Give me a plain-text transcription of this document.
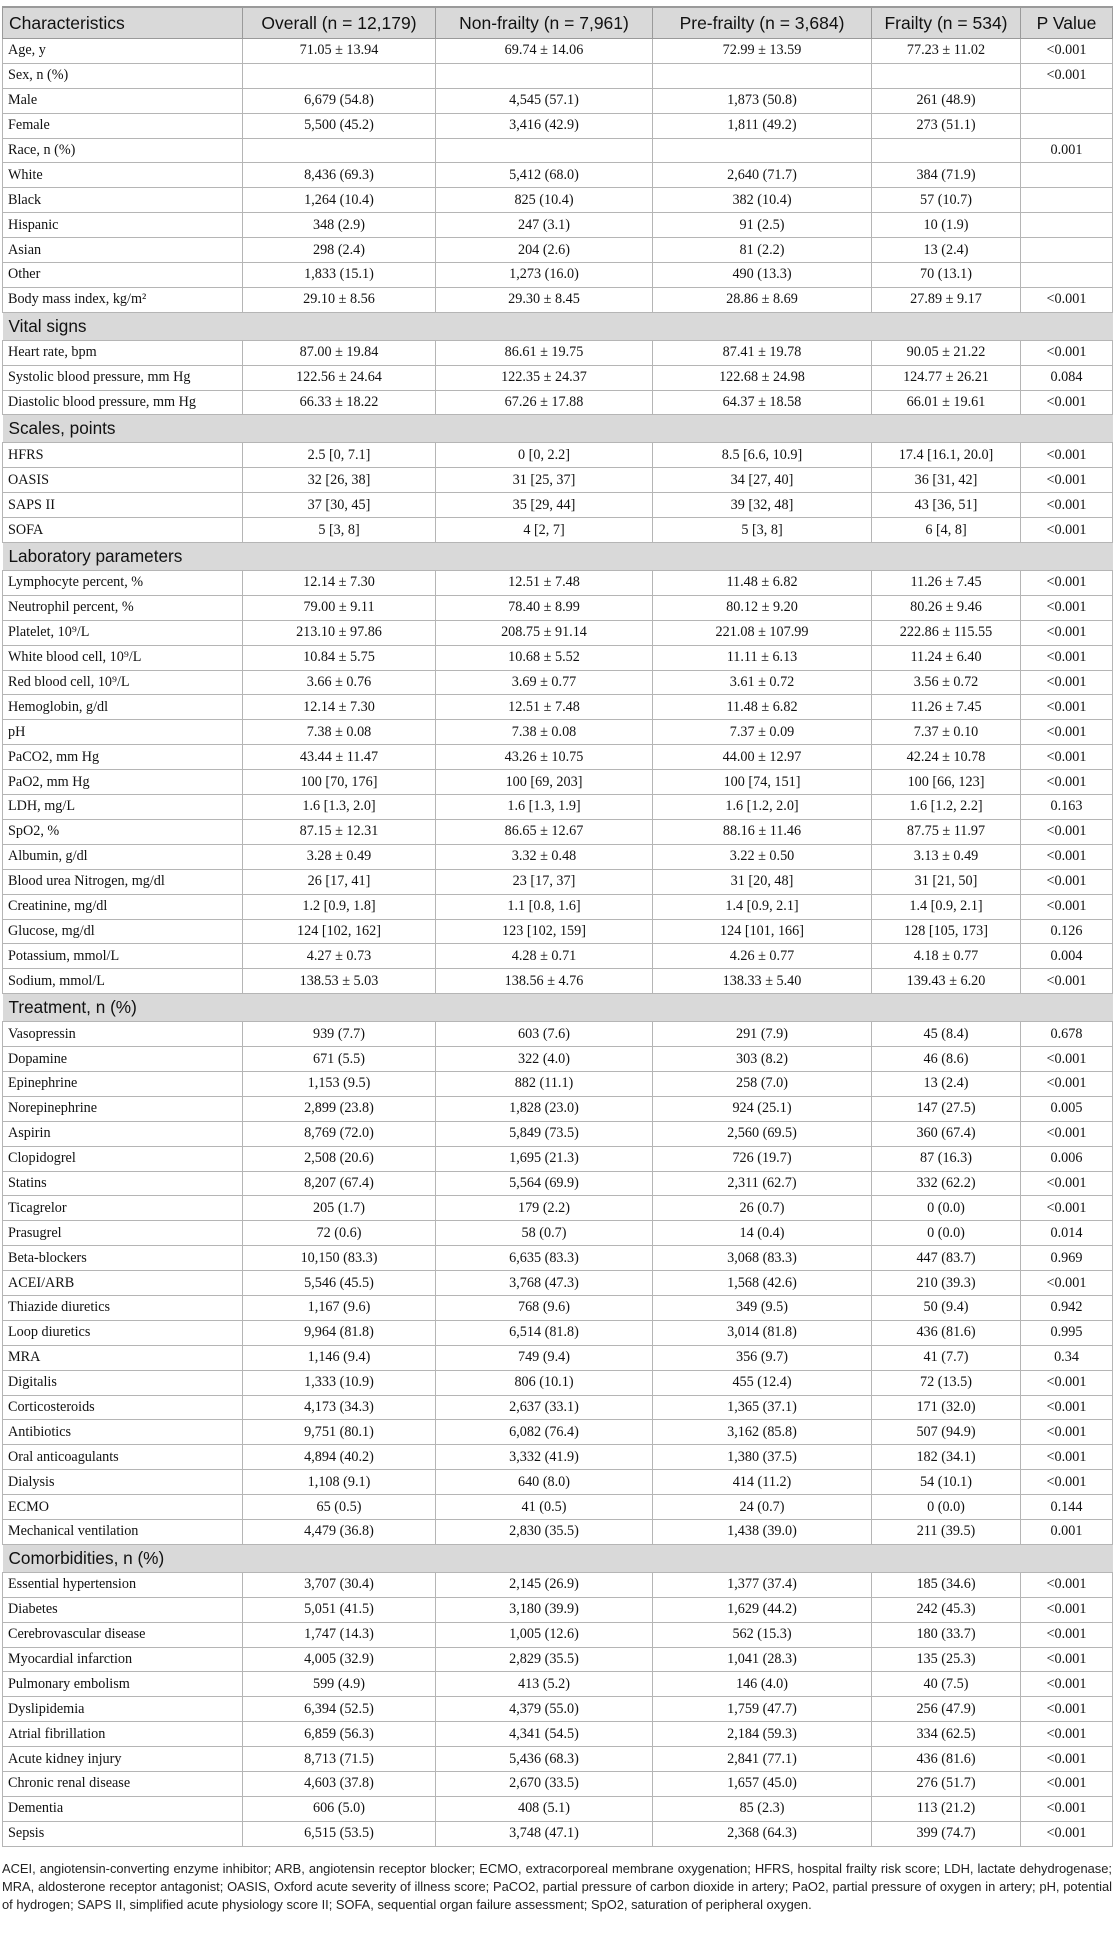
Characteristics	Overall (n = 12,179)	Non-frailty (n = 7,961)	Pre-frailty (n = 3,684)	Frailty (n = 534)	P Value
Age, y	71.05 ± 13.94	69.74 ± 14.06	72.99 ± 13.59	77.23 ± 11.02	<0.001
Sex, n (%)					<0.001
Male	6,679 (54.8)	4,545 (57.1)	1,873 (50.8)	261 (48.9)	
Female	5,500 (45.2)	3,416 (42.9)	1,811 (49.2)	273 (51.1)	
Race, n (%)					0.001
White	8,436 (69.3)	5,412 (68.0)	2,640 (71.7)	384 (71.9)	
Black	1,264 (10.4)	825 (10.4)	382 (10.4)	57 (10.7)	
Hispanic	348 (2.9)	247 (3.1)	91 (2.5)	10 (1.9)	
Asian	298 (2.4)	204 (2.6)	81 (2.2)	13 (2.4)	
Other	1,833 (15.1)	1,273 (16.0)	490 (13.3)	70 (13.1)	
Body mass index, kg/m²	29.10 ± 8.56	29.30 ± 8.45	28.86 ± 8.69	27.89 ± 9.17	<0.001
Vital signs					
Heart rate, bpm	87.00 ± 19.84	86.61 ± 19.75	87.41 ± 19.78	90.05 ± 21.22	<0.001
Systolic blood pressure, mm Hg	122.56 ± 24.64	122.35 ± 24.37	122.68 ± 24.98	124.77 ± 26.21	0.084
Diastolic blood pressure, mm Hg	66.33 ± 18.22	67.26 ± 17.88	64.37 ± 18.58	66.01 ± 19.61	<0.001
Scales, points					
HFRS	2.5 [0, 7.1]	0 [0, 2.2]	8.5 [6.6, 10.9]	17.4 [16.1, 20.0]	<0.001
OASIS	32 [26, 38]	31 [25, 37]	34 [27, 40]	36 [31, 42]	<0.001
SAPS II	37 [30, 45]	35 [29, 44]	39 [32, 48]	43 [36, 51]	<0.001
SOFA	5 [3, 8]	4 [2, 7]	5 [3, 8]	6 [4, 8]	<0.001
Laboratory parameters					
Lymphocyte percent, %	12.14 ± 7.30	12.51 ± 7.48	11.48 ± 6.82	11.26 ± 7.45	<0.001
Neutrophil percent, %	79.00 ± 9.11	78.40 ± 8.99	80.12 ± 9.20	80.26 ± 9.46	<0.001
Platelet, 10⁹/L	213.10 ± 97.86	208.75 ± 91.14	221.08 ± 107.99	222.86 ± 115.55	<0.001
White blood cell, 10⁹/L	10.84 ± 5.75	10.68 ± 5.52	11.11 ± 6.13	11.24 ± 6.40	<0.001
Red blood cell, 10⁹/L	3.66 ± 0.76	3.69 ± 0.77	3.61 ± 0.72	3.56 ± 0.72	<0.001
Hemoglobin, g/dl	12.14 ± 7.30	12.51 ± 7.48	11.48 ± 6.82	11.26 ± 7.45	<0.001
pH	7.38 ± 0.08	7.38 ± 0.08	7.37 ± 0.09	7.37 ± 0.10	<0.001
PaCO2, mm Hg	43.44 ± 11.47	43.26 ± 10.75	44.00 ± 12.97	42.24 ± 10.78	<0.001
PaO2, mm Hg	100 [70, 176]	100 [69, 203]	100 [74, 151]	100 [66, 123]	<0.001
LDH, mg/L	1.6 [1.3, 2.0]	1.6 [1.3, 1.9]	1.6 [1.2, 2.0]	1.6 [1.2, 2.2]	0.163
SpO2, %	87.15 ± 12.31	86.65 ± 12.67	88.16 ± 11.46	87.75 ± 11.97	<0.001
Albumin, g/dl	3.28 ± 0.49	3.32 ± 0.48	3.22 ± 0.50	3.13 ± 0.49	<0.001
Blood urea Nitrogen, mg/dl	26 [17, 41]	23 [17, 37]	31 [20, 48]	31 [21, 50]	<0.001
Creatinine, mg/dl	1.2 [0.9, 1.8]	1.1 [0.8, 1.6]	1.4 [0.9, 2.1]	1.4 [0.9, 2.1]	<0.001
Glucose, mg/dl	124 [102, 162]	123 [102, 159]	124 [101, 166]	128 [105, 173]	0.126
Potassium, mmol/L	4.27 ± 0.73	4.28 ± 0.71	4.26 ± 0.77	4.18 ± 0.77	0.004
Sodium, mmol/L	138.53 ± 5.03	138.56 ± 4.76	138.33 ± 5.40	139.43 ± 6.20	<0.001
Treatment, n (%)					
Vasopressin	939 (7.7)	603 (7.6)	291 (7.9)	45 (8.4)	0.678
Dopamine	671 (5.5)	322 (4.0)	303 (8.2)	46 (8.6)	<0.001
Epinephrine	1,153 (9.5)	882 (11.1)	258 (7.0)	13 (2.4)	<0.001
Norepinephrine	2,899 (23.8)	1,828 (23.0)	924 (25.1)	147 (27.5)	0.005
Aspirin	8,769 (72.0)	5,849 (73.5)	2,560 (69.5)	360 (67.4)	<0.001
Clopidogrel	2,508 (20.6)	1,695 (21.3)	726 (19.7)	87 (16.3)	0.006
Statins	8,207 (67.4)	5,564 (69.9)	2,311 (62.7)	332 (62.2)	<0.001
Ticagrelor	205 (1.7)	179 (2.2)	26 (0.7)	0 (0.0)	<0.001
Prasugrel	72 (0.6)	58 (0.7)	14 (0.4)	0 (0.0)	0.014
Beta-blockers	10,150 (83.3)	6,635 (83.3)	3,068 (83.3)	447 (83.7)	0.969
ACEI/ARB	5,546 (45.5)	3,768 (47.3)	1,568 (42.6)	210 (39.3)	<0.001
Thiazide diuretics	1,167 (9.6)	768 (9.6)	349 (9.5)	50 (9.4)	0.942
Loop diuretics	9,964 (81.8)	6,514 (81.8)	3,014 (81.8)	436 (81.6)	0.995
MRA	1,146 (9.4)	749 (9.4)	356 (9.7)	41 (7.7)	0.34
Digitalis	1,333 (10.9)	806 (10.1)	455 (12.4)	72 (13.5)	<0.001
Corticosteroids	4,173 (34.3)	2,637 (33.1)	1,365 (37.1)	171 (32.0)	<0.001
Antibiotics	9,751 (80.1)	6,082 (76.4)	3,162 (85.8)	507 (94.9)	<0.001
Oral anticoagulants	4,894 (40.2)	3,332 (41.9)	1,380 (37.5)	182 (34.1)	<0.001
Dialysis	1,108 (9.1)	640 (8.0)	414 (11.2)	54 (10.1)	<0.001
ECMO	65 (0.5)	41 (0.5)	24 (0.7)	0 (0.0)	0.144
Mechanical ventilation	4,479 (36.8)	2,830 (35.5)	1,438 (39.0)	211 (39.5)	0.001
Comorbidities, n (%)					
Essential hypertension	3,707 (30.4)	2,145 (26.9)	1,377 (37.4)	185 (34.6)	<0.001
Diabetes	5,051 (41.5)	3,180 (39.9)	1,629 (44.2)	242 (45.3)	<0.001
Cerebrovascular disease	1,747 (14.3)	1,005 (12.6)	562 (15.3)	180 (33.7)	<0.001
Myocardial infarction	4,005 (32.9)	2,829 (35.5)	1,041 (28.3)	135 (25.3)	<0.001
Pulmonary embolism	599 (4.9)	413 (5.2)	146 (4.0)	40 (7.5)	<0.001
Dyslipidemia	6,394 (52.5)	4,379 (55.0)	1,759 (47.7)	256 (47.9)	<0.001
Atrial fibrillation	6,859 (56.3)	4,341 (54.5)	2,184 (59.3)	334 (62.5)	<0.001
Acute kidney injury	8,713 (71.5)	5,436 (68.3)	2,841 (77.1)	436 (81.6)	<0.001
Chronic renal disease	4,603 (37.8)	2,670 (33.5)	1,657 (45.0)	276 (51.7)	<0.001
Dementia	606 (5.0)	408 (5.1)	85 (2.3)	113 (21.2)	<0.001
Sepsis	6,515 (53.5)	3,748 (47.1)	2,368 (64.3)	399 (74.7)	<0.001
ACEI, angiotensin-converting enzyme inhibitor; ARB, angiotensin receptor blocker; ECMO, extracorporeal membrane oxygenation; HFRS, hospital frailty risk score; LDH, lactate dehydrogenase; MRA, aldosterone receptor antagonist; OASIS, Oxford acute severity of illness score; PaCO2, partial pressure of carbon dioxide in artery; PaO2, partial pressure of oxygen in artery; pH, potential of hydrogen; SAPS II, simplified acute physiology score II; SOFA, sequential organ failure assessment; SpO2, saturation of peripheral oxygen.
